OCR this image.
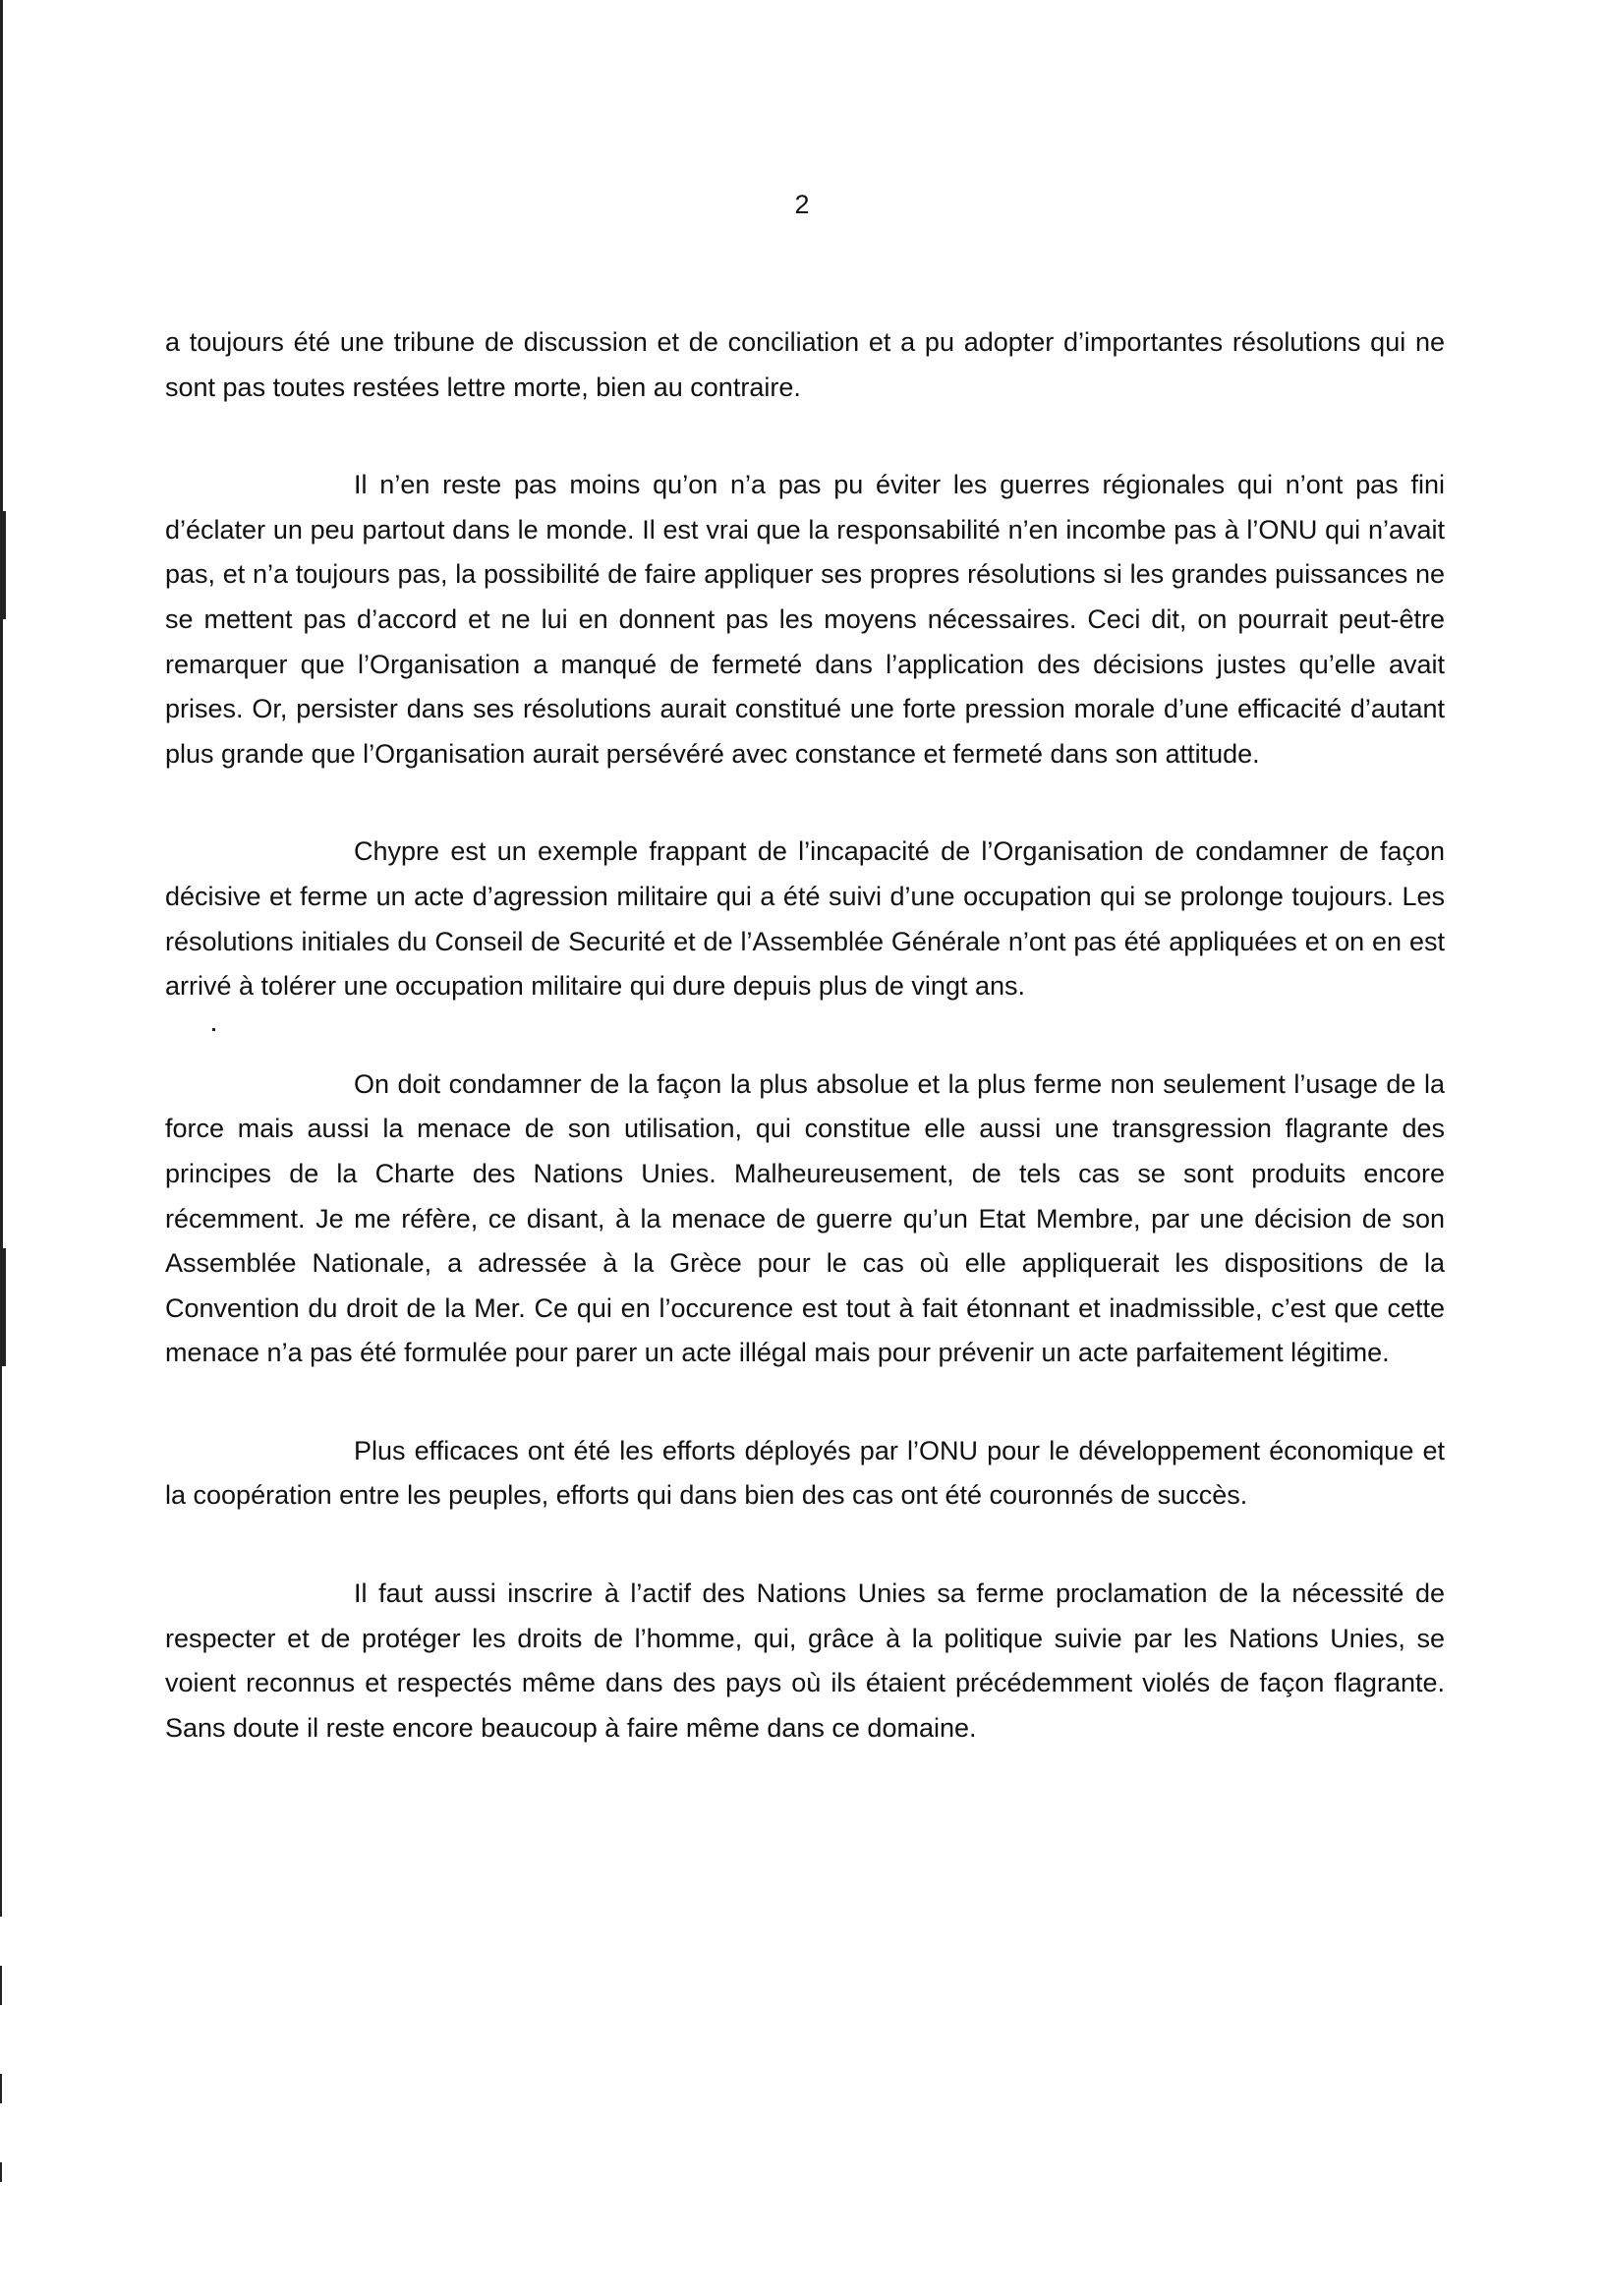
2

a toujours été une tribune de discussion et de conciliation et a pu adopter d’importantes résolutions qui ne sont pas toutes restées lettre morte, bien au contraire.

Il n’en reste pas moins qu’on n’a pas pu éviter les guerres régionales qui n’ont pas fini d’éclater un peu partout dans le monde. Il est vrai que la responsabilité n’en incombe pas à l’ONU qui n’avait pas, et n’a toujours pas, la possibilité de faire appliquer ses propres résolutions si les grandes puissances ne se mettent pas d’accord et ne lui en donnent pas les moyens nécessaires. Ceci dit, on pourrait peut-être remarquer que l’Organisation a manqué de fermeté dans l’application des décisions justes qu’elle avait prises. Or, persister dans ses résolutions aurait constitué une forte pression morale d’une efficacité d’autant plus grande que l’Organisation aurait persévéré avec constance et fermeté dans son attitude.

Chypre est un exemple frappant de l’incapacité de l’Organisation de condamner de façon décisive et ferme un acte d’agression militaire qui a été suivi d’une occupation qui se prolonge toujours. Les résolutions initiales du Conseil de Securité et de l’Assemblée Générale n’ont pas été appliquées et on en est arrivé à tolérer une occupation militaire qui dure depuis plus de vingt ans.

On doit condamner de la façon la plus absolue et la plus ferme non seulement l’usage de la force mais aussi la menace de son utilisation, qui constitue elle aussi une transgression flagrante des principes de la Charte des Nations Unies. Malheureusement, de tels cas se sont produits encore récemment. Je me réfère, ce disant, à la menace de guerre qu’un Etat Membre, par une décision de son Assemblée Nationale, a adressée à la Grèce pour le cas où elle appliquerait les dispositions de la Convention du droit de la Mer. Ce qui en l’occurence est tout à fait étonnant et inadmissible, c’est que cette menace n’a pas été formulée pour parer un acte illégal mais pour prévenir un acte parfaitement légitime.

Plus efficaces ont été les efforts déployés par l’ONU pour le développement économique et la coopération entre les peuples, efforts qui dans bien des cas ont été couronnés de succès.

Il faut aussi inscrire à l’actif des Nations Unies sa ferme proclamation de la nécessité de respecter et de protéger les droits de l’homme, qui, grâce à la politique suivie par les Nations Unies, se voient reconnus et respectés même dans des pays où ils étaient précédemment violés de façon flagrante. Sans doute il reste encore beaucoup à faire même dans ce domaine.
